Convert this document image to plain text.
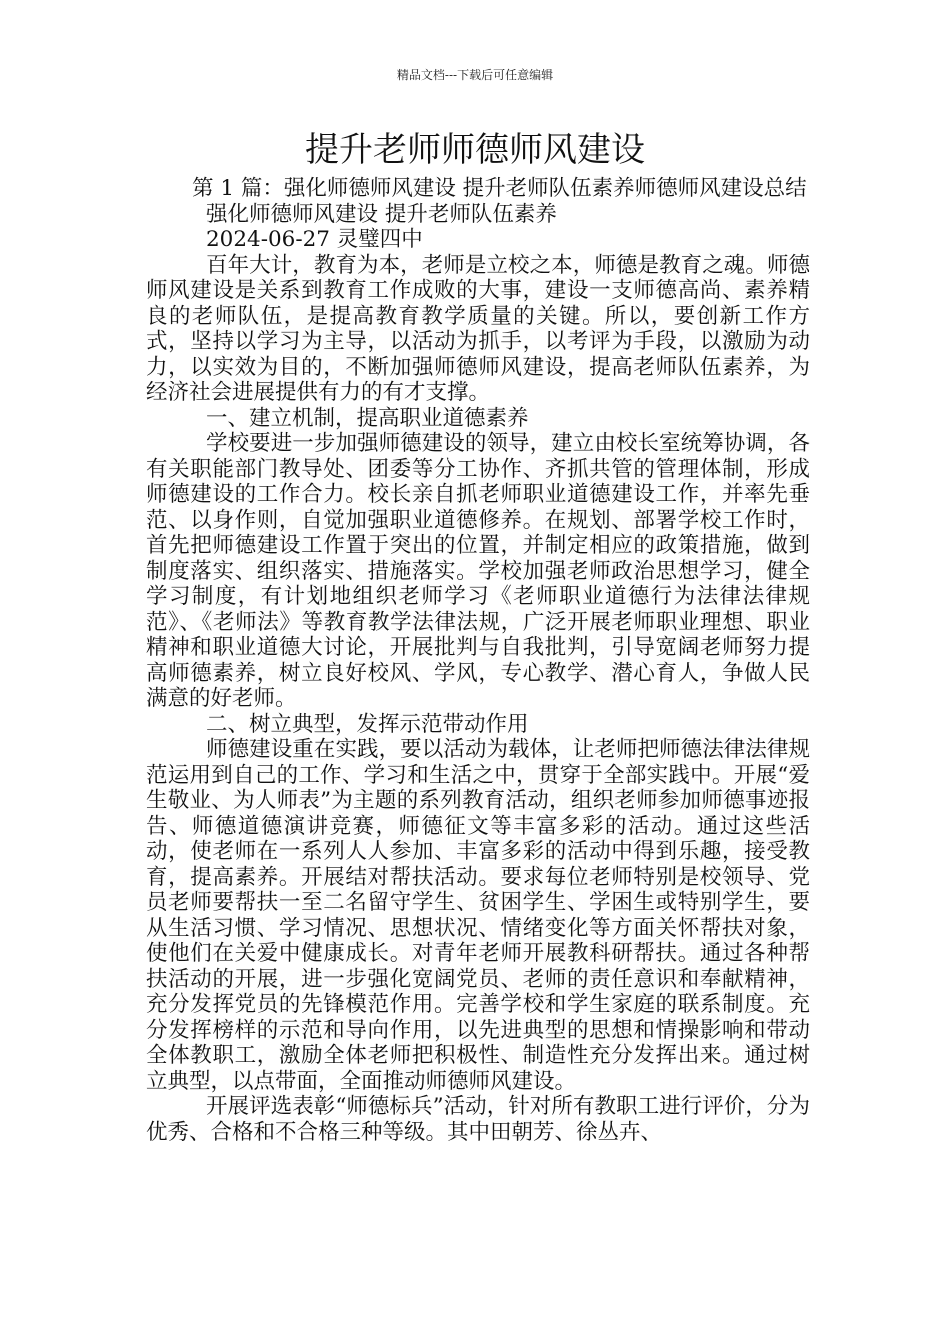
精品文档---下载后可任意编辑
提升老师师德师风建设

第 1 篇：强化师德师风建设 提升老师队伍素养师德师风建设总结

强化师德师风建设 提升老师队伍素养

2024-06-27 灵璧四中

百年大计，教育为本，老师是立校之本，师德是教育之魂。师德师风建设是关系到教育工作成败的大事，建设一支师德高尚、素养精良的老师队伍，是提高教育教学质量的关键。所以，要创新工作方式，坚持以学习为主导，以活动为抓手，以考评为手段，以激励为动力，以实效为目的，不断加强师德师风建设，提高老师队伍素养，为经济社会进展提供有力的有才支撑。

一、建立机制，提高职业道德素养

学校要进一步加强师德建设的领导，建立由校长室统筹协调，各有关职能部门教导处、团委等分工协作、齐抓共管的管理体制，形成师德建设的工作合力。校长亲自抓老师职业道德建设工作，并率先垂范、以身作则，自觉加强职业道德修养。在规划、部署学校工作时，首先把师德建设工作置于突出的位置，并制定相应的政策措施，做到制度落实、组织落实、措施落实。学校加强老师政治思想学习，健全学习制度，有计划地组织老师学习《老师职业道德行为法律法律规范》、《老师法》等教育教学法律法规，广泛开展老师职业理想、职业精神和职业道德大讨论，开展批判与自我批判，引导宽阔老师努力提高师德素养，树立良好校风、学风，专心教学、潜心育人，争做人民满意的好老师。

二、树立典型，发挥示范带动作用

师德建设重在实践，要以活动为载体，让老师把师德法律法律规范运用到自己的工作、学习和生活之中，贯穿于全部实践中。开展“爱生敬业、为人师表”为主题的系列教育活动，组织老师参加师德事迹报告、师德道德演讲竞赛，师德征文等丰富多彩的活动。通过这些活动，使老师在一系列人人参加、丰富多彩的活动中得到乐趣，接受教育，提高素养。开展结对帮扶活动。要求每位老师特别是校领导、党员老师要帮扶一至二名留守学生、贫困学生、学困生或特别学生，要从生活习惯、学习情况、思想状况、情绪变化等方面关怀帮扶对象，使他们在关爱中健康成长。对青年老师开展教科研帮扶。通过各种帮扶活动的开展，进一步强化宽阔党员、老师的责任意识和奉献精神，充分发挥党员的先锋模范作用。完善学校和学生家庭的联系制度。充分发挥榜样的示范和导向作用，以先进典型的思想和情操影响和带动全体教职工，激励全体老师把积极性、制造性充分发挥出来。通过树立典型，以点带面，全面推动师德师风建设。

开展评选表彰“师德标兵”活动，针对所有教职工进行评价，分为优秀、合格和不合格三种等级。其中田朝芳、徐丛卉、
